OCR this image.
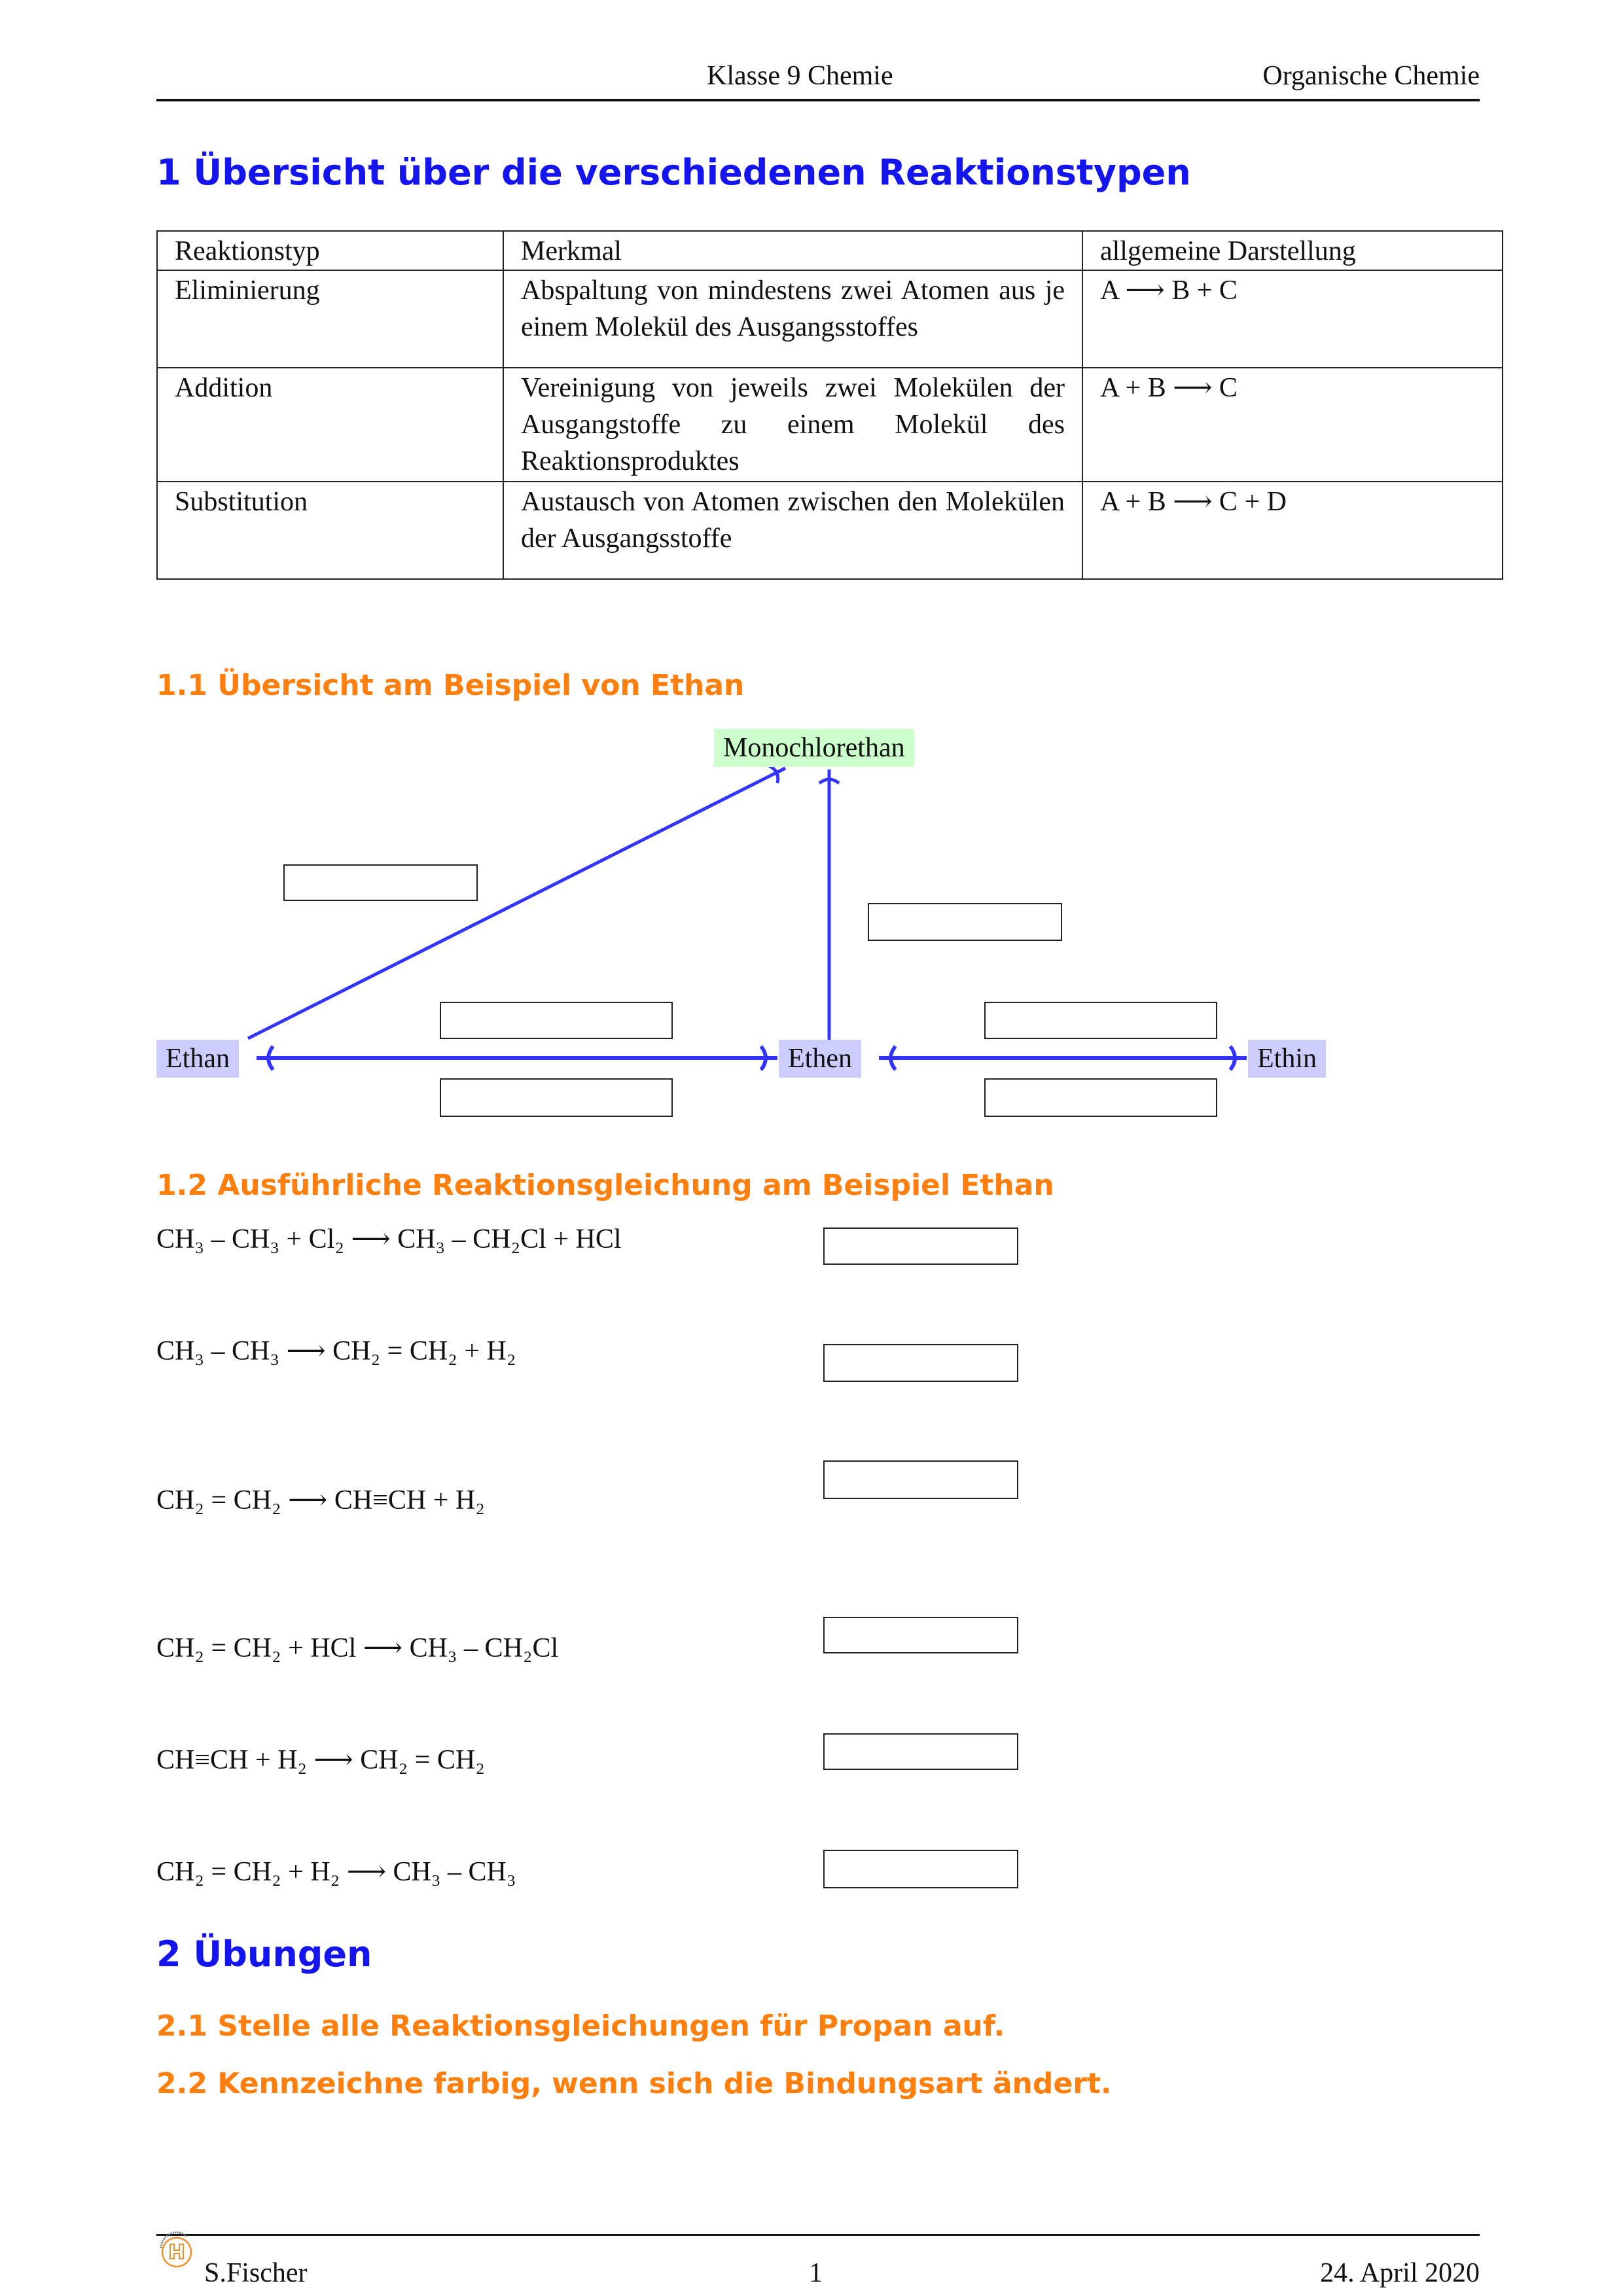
Klasse 9 Chemie	Organische Chemie
1 Übersicht über die verschiedenen Reaktionstypen
Reaktionstyp	Merkmal	allgemeine Darstellung
Eliminierung	Abspaltung von mindestens zwei Atomen aus je einem Molekül des Ausgangsstoffes	A ⟶ B + C
Addition	Vereinigung von jeweils zwei Molekülen der Ausgangstoffe zu einem Molekül des Reaktionsproduktes	A + B ⟶ C
Substitution	Austausch von Atomen zwischen den Molekülen der Ausgangsstoffe	A + B ⟶ C + D
1.1 Übersicht am Beispiel von Ethan
Monochlorethan
Ethan	Ethen	Ethin
1.2 Ausführliche Reaktionsgleichung am Beispiel Ethan
CH₃ – CH₃ + Cl₂ ⟶ CH₃ – CH₂Cl + HCl
CH₃ – CH₃ ⟶ CH₂ = CH₂ + H₂
CH₂ = CH₂ ⟶ CH≡CH + H₂
CH₂ = CH₂ + HCl ⟶ CH₃ – CH₂Cl
CH≡CH + H₂ ⟶ CH₂ = CH₂
CH₂ = CH₂ + H₂ ⟶ CH₃ – CH₃
2 Übungen
2.1 Stelle alle Reaktionsgleichungen für Propan auf.
2.2 Kennzeichne farbig, wenn sich die Bindungsart ändert.
S.Fischer	1	24. April 2020
